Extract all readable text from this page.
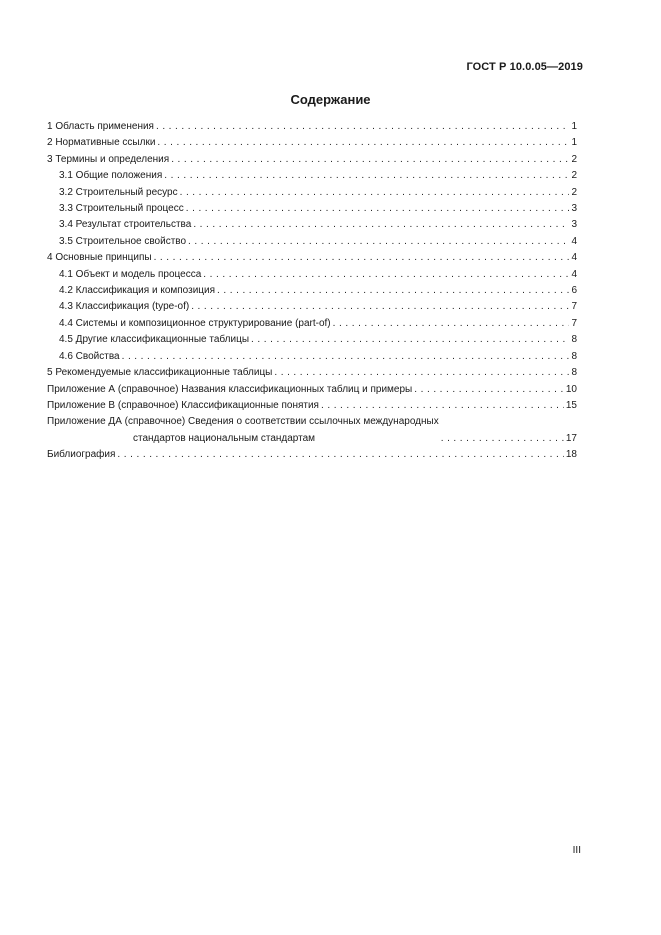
ГОСТ Р 10.0.05—2019
Содержание
1 Область применения . . .	1
2 Нормативные ссылки . . .	1
3 Термины и определения . . .	2
3.1 Общие положения . . .	2
3.2 Строительный ресурс . . .	2
3.3 Строительный процесс . . .	3
3.4 Результат строительства . . .	3
3.5 Строительное свойство . . .	4
4 Основные принципы . . .	4
4.1 Объект и модель процесса . . .	4
4.2 Классификация и композиция . . .	6
4.3 Классификация (type-of) . . .	7
4.4 Системы и композиционное структурирование (part-of) . . .	7
4.5 Другие классификационные таблицы . . .	8
4.6 Свойства . . .	8
5 Рекомендуемые классификационные таблицы . . .	8
Приложение А (справочное) Названия классификационных таблиц и примеры . . .	10
Приложение В (справочное) Классификационные понятия . . .	15
Приложение ДА (справочное) Сведения о соответствии ссылочных международных
стандартов национальным стандартам . . .	17
Библиография . . .	18
III
